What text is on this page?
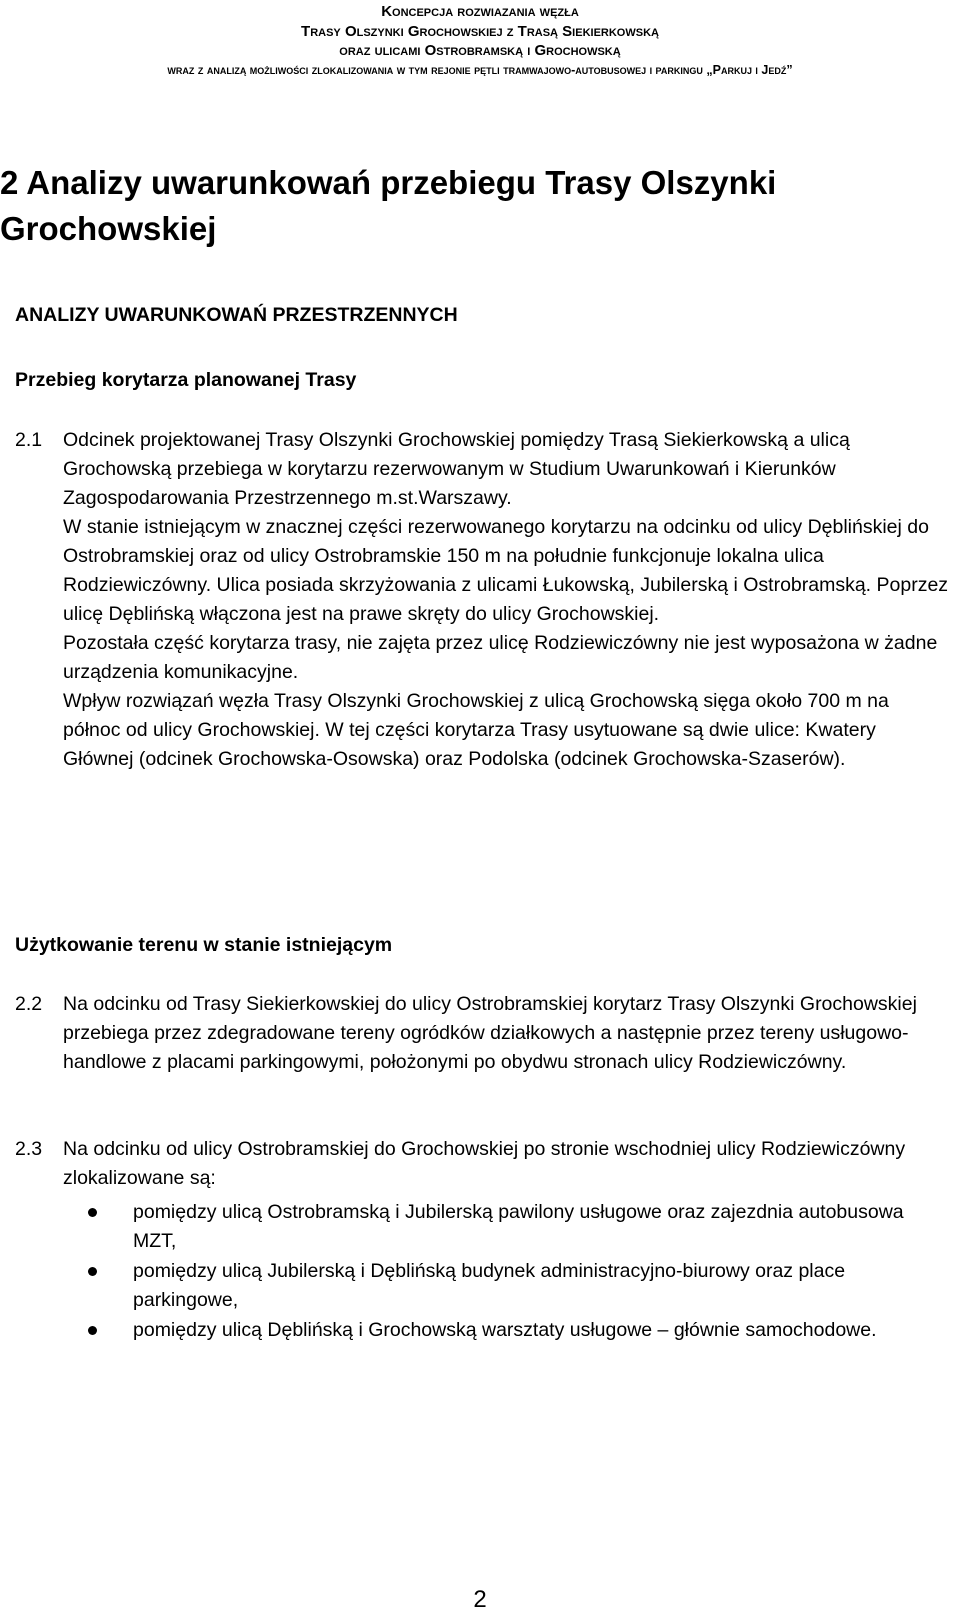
Koncepcja rozwiazania węzła
Trasy Olszynki Grochowskiej z Trasą Siekierkowską
oraz ulicami Ostrobramską i Grochowską
wraz z analizą możliwości zlokalizowania w tym rejonie pętli tramwajowo-autobusowej i parkingu „Parkuj i Jedź”
2 Analizy uwarunkowań przebiegu Trasy Olszynki Grochowskiej
ANALIZY UWARUNKOWAŃ PRZESTRZENNYCH
Przebieg korytarza planowanej Trasy
2.1	Odcinek projektowanej Trasy Olszynki Grochowskiej pomiędzy Trasą Siekierkowską a ulicą Grochowską przebiega w korytarzu rezerwowanym w Studium Uwarunkowań i Kierunków Zagospodarowania Przestrzennego m.st.Warszawy.

W stanie istniejącym w znacznej części rezerwowanego korytarzu na odcinku od ulicy Dęblińskiej do Ostrobramskiej oraz od ulicy Ostrobramskie 150 m na południe funkcjonuje lokalna ulica Rodziewiczówny. Ulica posiada skrzyżowania z ulicami Łukowską, Jubilerską i Ostrobramską. Poprzez ulicę Dęblińską włączona jest na prawe skręty do ulicy Grochowskiej.

Pozostała część korytarza trasy, nie zajęta przez ulicę Rodziewiczówny nie jest wyposażona w żadne urządzenia komunikacyjne.

Wpływ rozwiązań węzła Trasy Olszynki Grochowskiej z ulicą Grochowską sięga około 700 m na północ od ulicy Grochowskiej. W tej części korytarza Trasy usytuowane są dwie ulice: Kwatery Głównej (odcinek Grochowska-Osowska) oraz Podolska (odcinek Grochowska-Szaserów).

Użytkowanie terenu w stanie istniejącym
2.2	Na odcinku od Trasy Siekierkowskiej do ulicy Ostrobramskiej korytarz Trasy Olszynki Grochowskiej przebiega przez zdegradowane tereny ogródków działkowych a następnie przez tereny usługowo-handlowe z placami parkingowymi, położonymi po obydwu stronach ulicy Rodziewiczówny.

2.3	Na odcinku od ulicy Ostrobramskiej do Grochowskiej po stronie wschodniej ulicy Rodziewiczówny zlokalizowane są:

pomiędzy ulicą Ostrobramską i Jubilerską pawilony usługowe oraz zajezdnia autobusowa MZT,
pomiędzy ulicą Jubilerską i Dęblińską budynek administracyjno-biurowy oraz place parkingowe,
pomiędzy ulicą Dęblińską i Grochowską warsztaty usługowe – głównie samochodowe.
2
